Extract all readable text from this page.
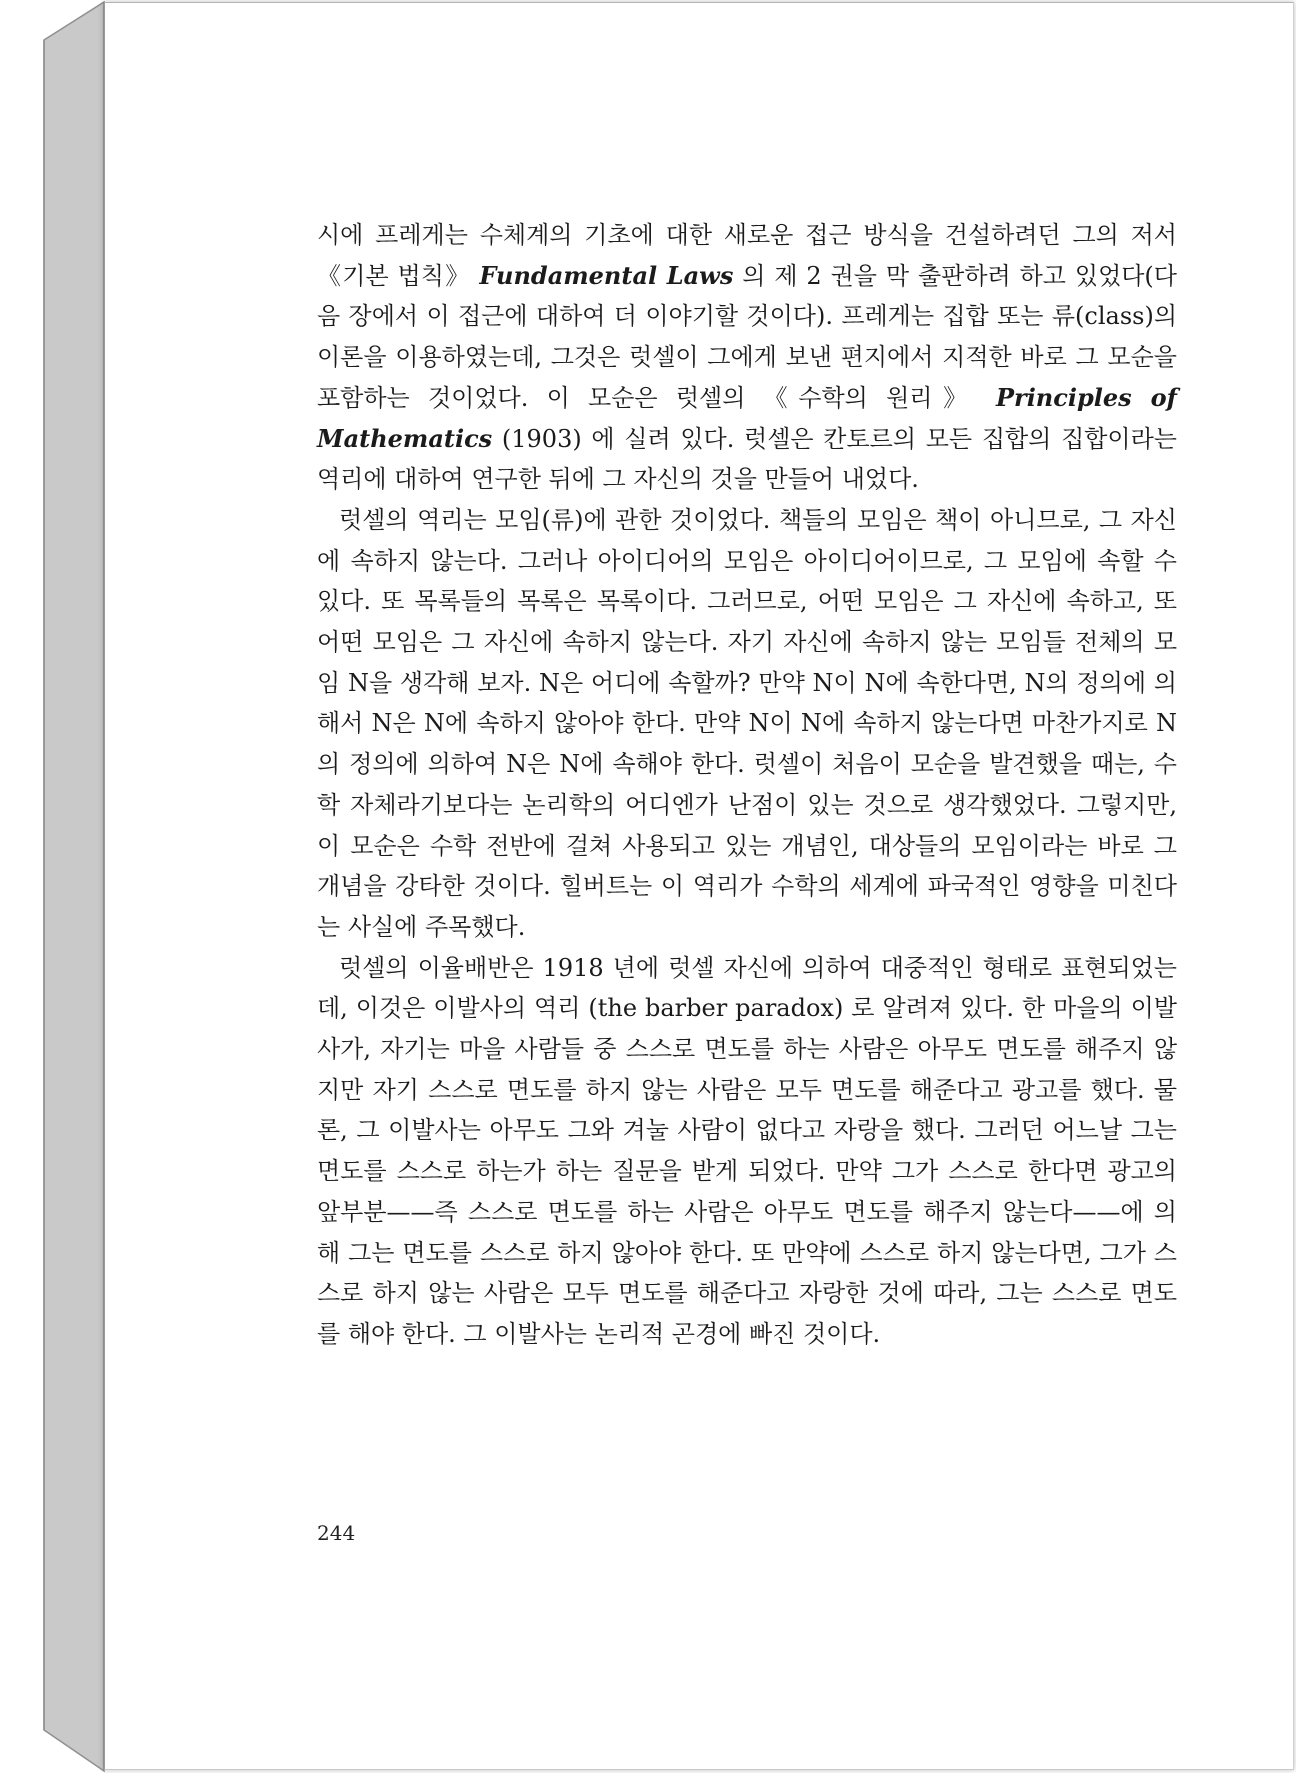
시에 프레게는 수체계의 기초에 대한 새로운 접근 방식을 건설하려던 그의 저서 《기본 법칙》 Fundamental Laws 의 제 2 권을 막 출판하려 하고 있었다(다음 장에서 이 접근에 대하여 더 이야기할 것이다). 프레게는 집합 또는 류(class)의 이론을 이용하였는데, 그것은 럿셀이 그에게 보낸 편지에서 지적한 바로 그 모순을 포함하는 것이었다. 이 모순은 럿셀의 《수학의 원리》 Principles of Mathematics (1903) 에 실려 있다. 럿셀은 칸토르의 모든 집합의 집합이라는 역리에 대하여 연구한 뒤에 그 자신의 것을 만들어 내었다.

럿셀의 역리는 모임(류)에 관한 것이었다. 책들의 모임은 책이 아니므로, 그 자신에 속하지 않는다. 그러나 아이디어의 모임은 아이디어이므로, 그 모임에 속할 수 있다. 또 목록들의 목록은 목록이다. 그러므로, 어떤 모임은 그 자신에 속하고, 또 어떤 모임은 그 자신에 속하지 않는다. 자기 자신에 속하지 않는 모임들 전체의 모임 N을 생각해 보자. N은 어디에 속할까? 만약 N이 N에 속한다면, N의 정의에 의해서 N은 N에 속하지 않아야 한다. 만약 N이 N에 속하지 않는다면 마찬가지로 N의 정의에 의하여 N은 N에 속해야 한다. 럿셀이 처음이 모순을 발견했을 때는, 수학 자체라기보다는 논리학의 어디엔가 난점이 있는 것으로 생각했었다. 그렇지만, 이 모순은 수학 전반에 걸쳐 사용되고 있는 개념인, 대상들의 모임이라는 바로 그 개념을 강타한 것이다. 힐버트는 이 역리가 수학의 세계에 파국적인 영향을 미친다는 사실에 주목했다.

럿셀의 이율배반은 1918 년에 럿셀 자신에 의하여 대중적인 형태로 표현되었는데, 이것은 이발사의 역리 (the barber paradox) 로 알려져 있다. 한 마을의 이발사가, 자기는 마을 사람들 중 스스로 면도를 하는 사람은 아무도 면도를 해주지 않지만 자기 스스로 면도를 하지 않는 사람은 모두 면도를 해준다고 광고를 했다. 물론, 그 이발사는 아무도 그와 겨눌 사람이 없다고 자랑을 했다. 그러던 어느날 그는 면도를 스스로 하는가 하는 질문을 받게 되었다. 만약 그가 스스로 한다면 광고의 앞부분——즉 스스로 면도를 하는 사람은 아무도 면도를 해주지 않는다——에 의해 그는 면도를 스스로 하지 않아야 한다. 또 만약에 스스로 하지 않는다면, 그가 스스로 하지 않는 사람은 모두 면도를 해준다고 자랑한 것에 따라, 그는 스스로 면도를 해야 한다. 그 이발사는 논리적 곤경에 빠진 것이다.

244
